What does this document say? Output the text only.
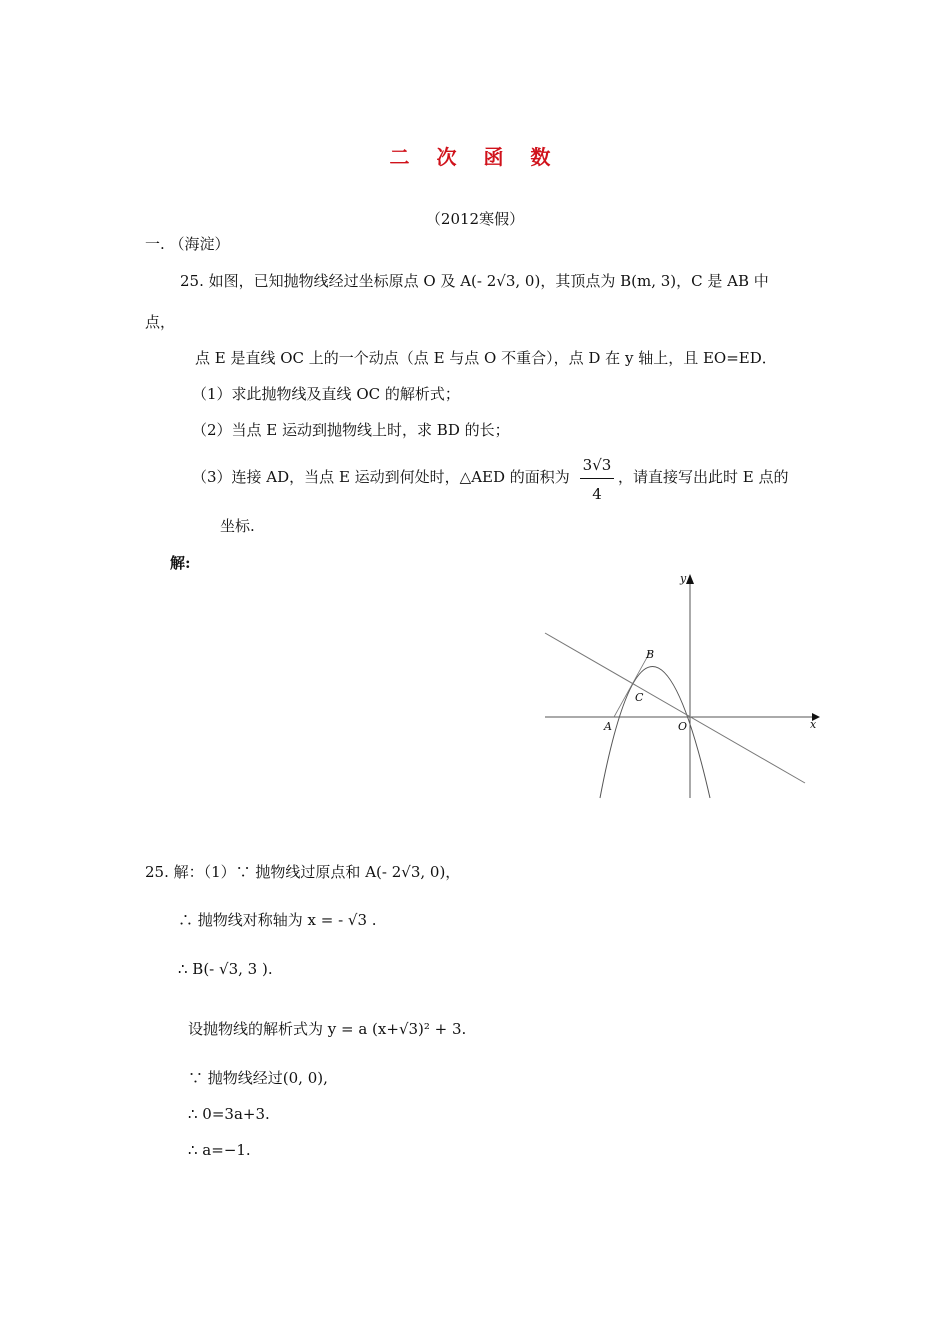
二 次 函 数
（2012寒假）
一. （海淀）
25. 如图，已知抛物线经过坐标原点 O 及 A(- 2√3, 0)，其顶点为 B(m, 3)，C 是 AB 中
点，
点 E 是直线 OC 上的一个动点（点 E 与点 O 不重合），点 D 在 y 轴上，且 EO=ED．
（1）求此抛物线及直线 OC 的解析式；
（2）当点 E 运动到抛物线上时，求 BD 的长；
（3）连接 AD，当点 E 运动到何处时，△AED 的面积为
3√3
4
，请直接写出此时 E 点的
坐标.
解:
y
x
A
B
C
O
25. 解：（1）∵ 抛物线过原点和 A(- 2√3, 0)，
∴ 抛物线对称轴为 x = - √3 .
∴ B(- √3, 3 ).
设抛物线的解析式为 y = a (x+√3)² + 3.
∵ 抛物线经过(0, 0),
∴ 0=3a+3.
∴ a=−1.
